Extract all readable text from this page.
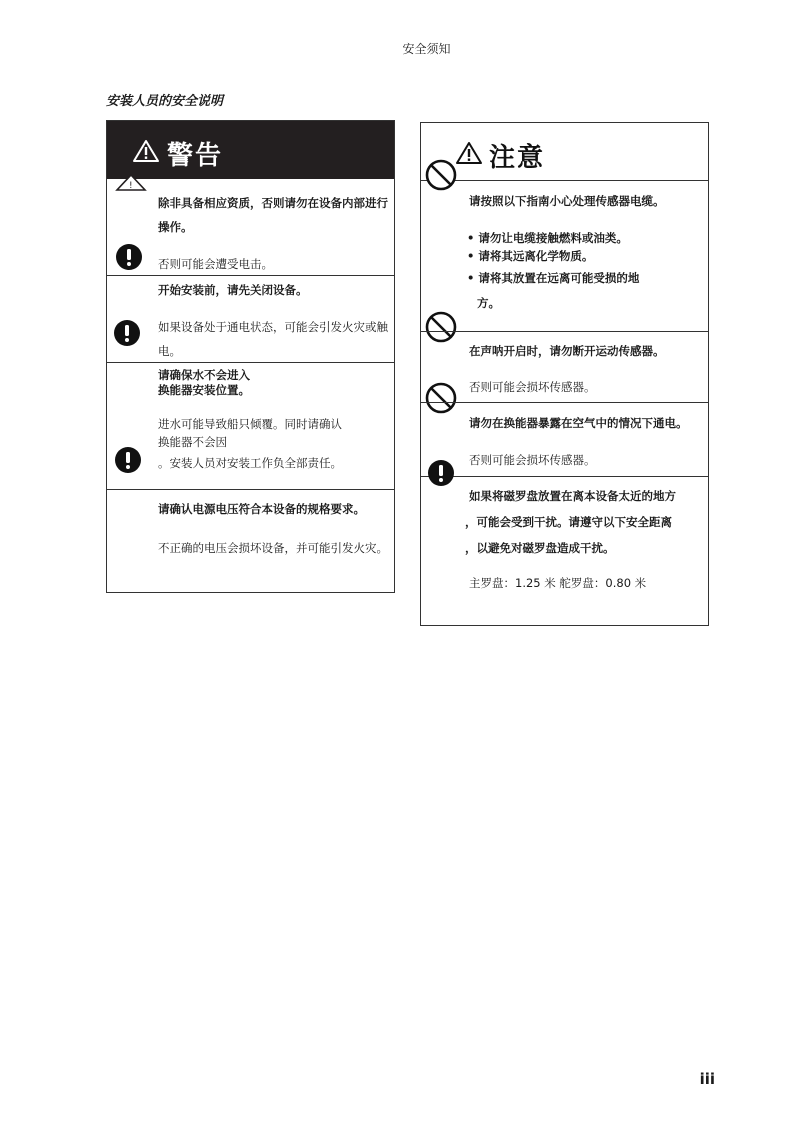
安全须知
安装人员的安全说明
警告
!
除非具备相应资质，否则请勿在设备内部进行操作。
否则可能会遭受电击。
开始安装前，请先关闭设备。
如果设备处于通电状态，可能会引发火灾或触电。
请确保水不会进入
换能器安装位置。
进水可能导致船只倾覆。同时请确认
换能器不会因
。安装人员对安装工作负全部责任。
请确认电源电压符合本设备的规格要求。
不正确的电压会损坏设备，并可能引发火灾。
注意
请按照以下指南小心处理传感器电缆。
• 请勿让电缆接触燃料或油类。
• 请将其远离化学物质。
• 请将其放置在远离可能受损的地
方。
在声呐开启时，请勿断开运动传感器。
否则可能会损坏传感器。
请勿在换能器暴露在空气中的情况下通电。
否则可能会损坏传感器。
如果将磁罗盘放置在离本设备太近的地方
，可能会受到干扰。请遵守以下安全距离
，以避免对磁罗盘造成干扰。
主罗盘：1.25 米 舵罗盘：0.80 米
iii
